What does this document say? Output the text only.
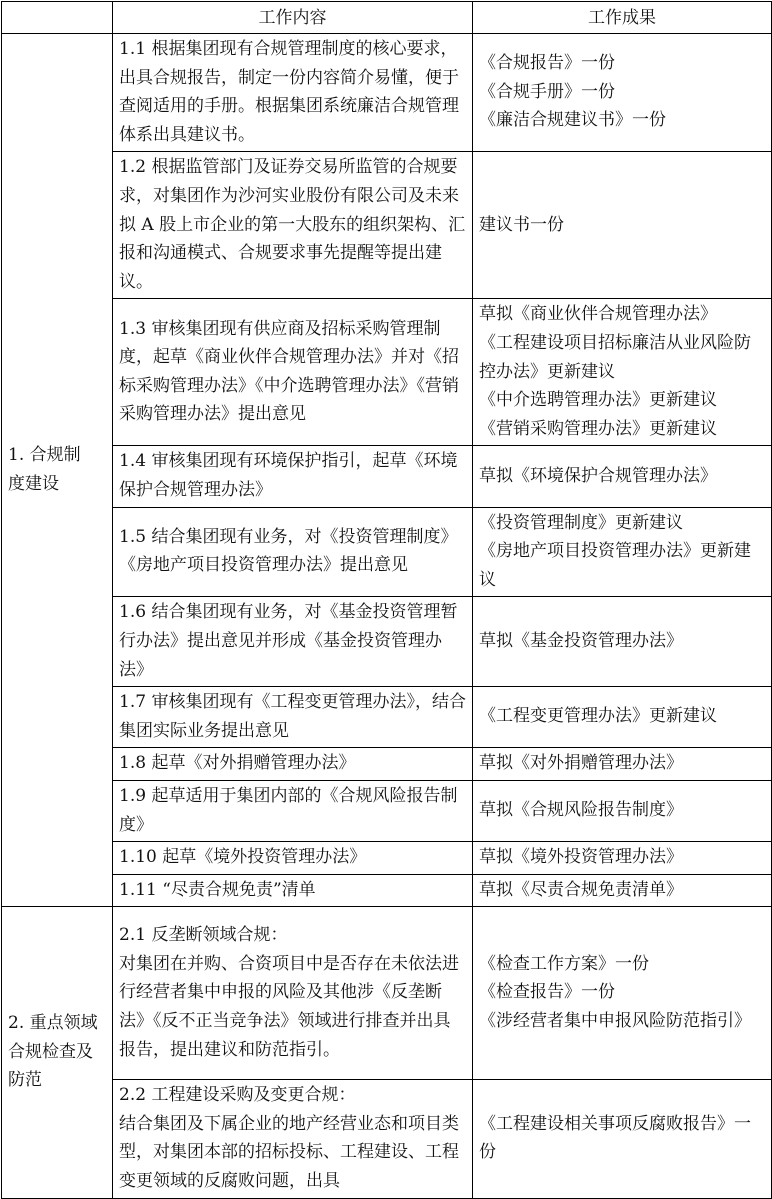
	工作内容	工作成果
1. 合规制度建设	1.1 根据集团现有合规管理制度的核心要求，出具合规报告，制定一份内容简介易懂，便于查阅适用的手册。根据集团系统廉洁合规管理体系出具建议书。	《合规报告》一份
《合规手册》一份
《廉洁合规建议书》一份

	1.2 根据监管部门及证券交易所监管的合规要求，对集团作为沙河实业股份有限公司及未来拟 A 股上市企业的第一大股东的组织架构、汇报和沟通模式、合规要求事先提醒等提出建议。	建议书一份

	1.3 审核集团现有供应商及招标采购管理制度，起草《商业伙伴合规管理办法》并对《招标采购管理办法》《中介选聘管理办法》《营销采购管理办法》提出意见	草拟《商业伙伴合规管理办法》
《工程建设项目招标廉洁从业风险防控办法》更新建议
《中介选聘管理办法》更新建议
《营销采购管理办法》更新建议

	1.4 审核集团现有环境保护指引，起草《环境保护合规管理办法》	草拟《环境保护合规管理办法》

	1.5 结合集团现有业务，对《投资管理制度》《房地产项目投资管理办法》提出意见	《投资管理制度》更新建议
《房地产项目投资管理办法》更新建议

	1.6 结合集团现有业务，对《基金投资管理暂行办法》提出意见并形成《基金投资管理办法》	草拟《基金投资管理办法》

	1.7 审核集团现有《工程变更管理办法》，结合集团实际业务提出意见	《工程变更管理办法》更新建议

	1.8 起草《对外捐赠管理办法》	草拟《对外捐赠管理办法》

	1.9 起草适用于集团内部的《合规风险报告制度》	草拟《合规风险报告制度》

	1.10 起草《境外投资管理办法》	草拟《境外投资管理办法》

	1.11 “尽责合规免责”清单	草拟《尽责合规免责清单》

2. 重点领域合规检查及防范	2.1 反垄断领域合规：
对集团在并购、合资项目中是否存在未依法进行经营者集中申报的风险及其他涉《反垄断法》《反不正当竞争法》领域进行排查并出具报告，提出建议和防范指引。	《检查工作方案》一份
《检查报告》一份
《涉经营者集中申报风险防范指引》

	2.2 工程建设采购及变更合规：
结合集团及下属企业的地产经营业态和项目类型，对集团本部的招标投标、工程建设、工程变更领域的反腐败问题，出具	《工程建设相关事项反腐败报告》一份
